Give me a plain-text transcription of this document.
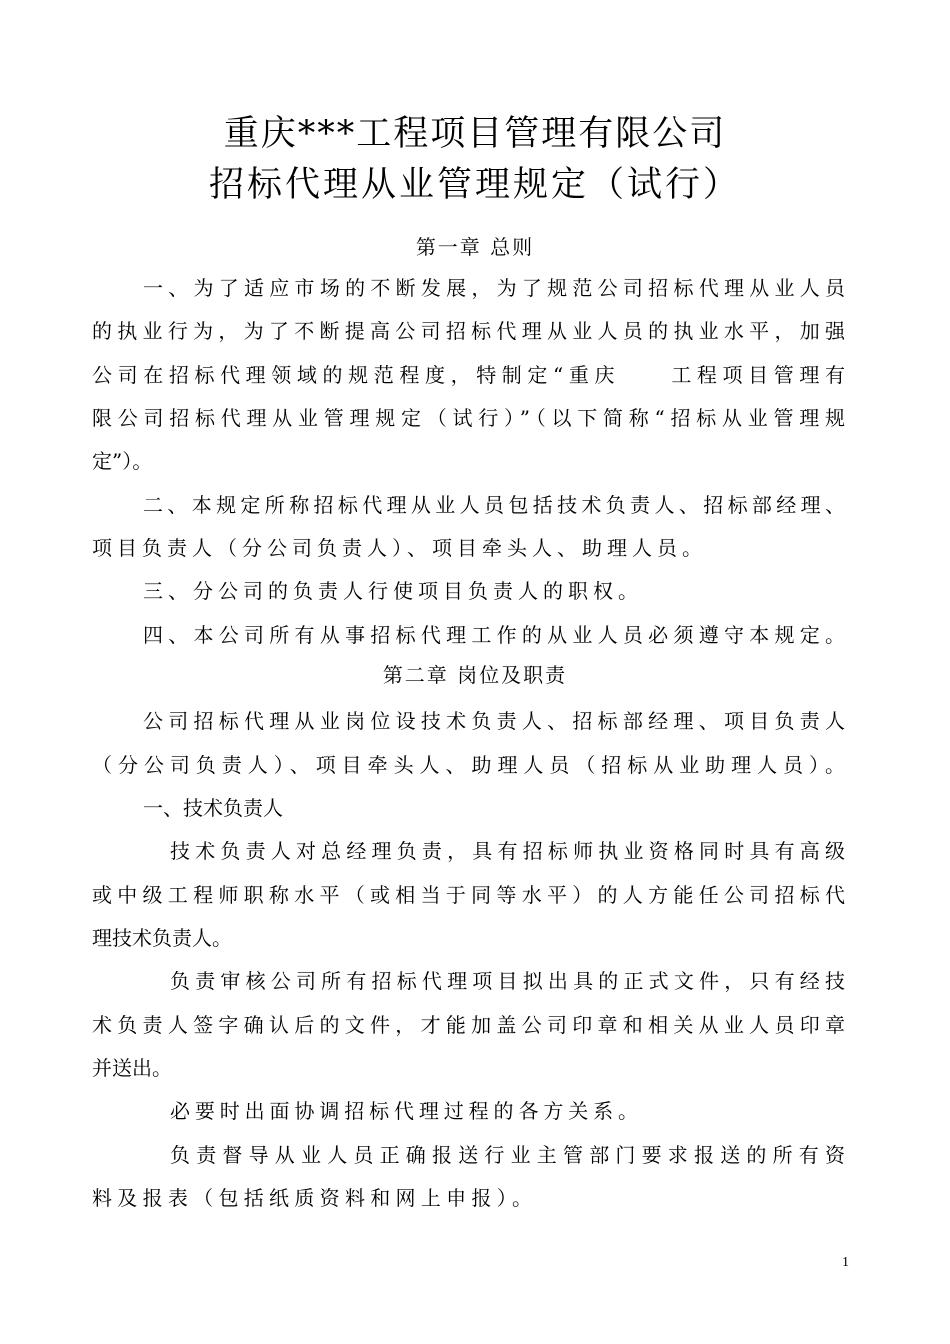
重庆***工程项目管理有限公司
招标代理从业管理规定（试行）
第一章 总则
一、为了适应市场的不断发展，为了规范公司招标代理从业人员
的执业行为，为了不断提高公司招标代理从业人员的执业水平，加强
公司在招标代理领域的规范程度，特制定“重庆　　工程项目管理有
限公司招标代理从业管理规定（试行）”（以下简称“招标从业管理规
定”）。
二、本规定所称招标代理从业人员包括技术负责人、招标部经理、
项目负责人（分公司负责人）、项目牵头人、助理人员。
三、分公司的负责人行使项目负责人的职权。
四、本公司所有从事招标代理工作的从业人员必须遵守本规定。
第二章 岗位及职责
公司招标代理从业岗位设技术负责人、招标部经理、项目负责人
（分公司负责人）、项目牵头人、助理人员（招标从业助理人员）。
一、技术负责人
技术负责人对总经理负责，具有招标师执业资格同时具有高级
或中级工程师职称水平（或相当于同等水平）的人方能任公司招标代
理技术负责人。
负责审核公司所有招标代理项目拟出具的正式文件，只有经技
术负责人签字确认后的文件，才能加盖公司印章和相关从业人员印章
并送出。
必要时出面协调招标代理过程的各方关系。
负责督导从业人员正确报送行业主管部门要求报送的所有资
料及报表（包括纸质资料和网上申报）。
1
